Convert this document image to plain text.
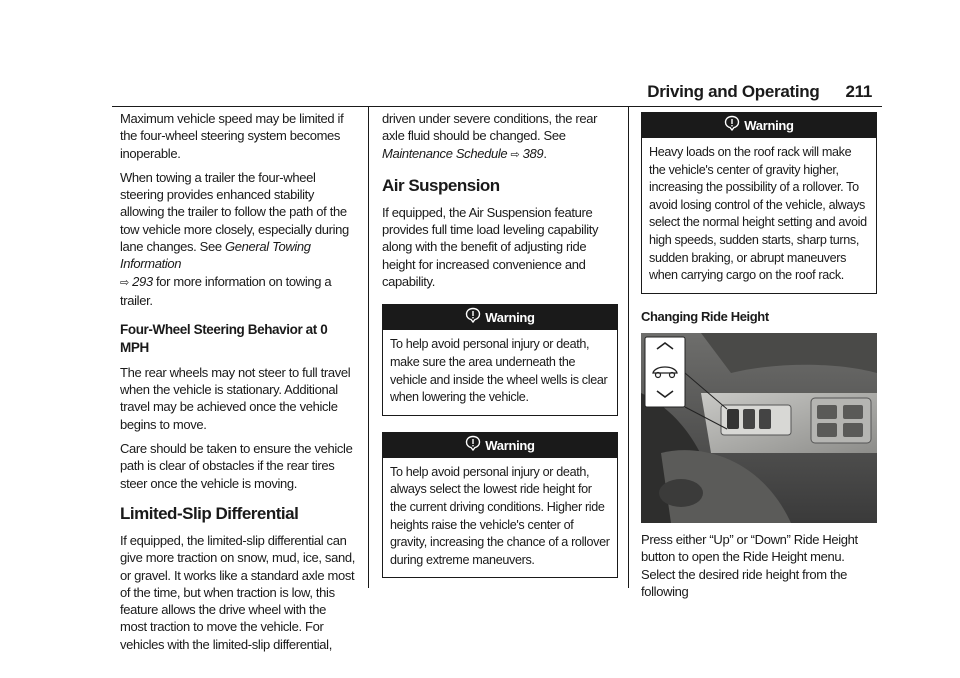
Driving and Operating 211

Maximum vehicle speed may be limited if the four-wheel steering system becomes inoperable.

When towing a trailer the four-wheel steering provides enhanced stability allowing the trailer to follow the path of the tow vehicle more closely, especially during lane changes. See General Towing Information
⇨ 293 for more information on towing a trailer.

Four-Wheel Steering Behavior at 0 MPH

The rear wheels may not steer to full travel when the vehicle is stationary. Additional travel may be achieved once the vehicle begins to move.

Care should be taken to ensure the vehicle path is clear of obstacles if the rear tires steer once the vehicle is moving.

Limited-Slip Differential

If equipped, the limited-slip differential can give more traction on snow, mud, ice, sand, or gravel. It works like a standard axle most of the time, but when traction is low, this feature allows the drive wheel with the most traction to move the vehicle. For vehicles with the limited-slip differential,

driven under severe conditions, the rear axle fluid should be changed. See Maintenance Schedule ⇨ 389.

Air Suspension

If equipped, the Air Suspension feature provides full time load leveling capability along with the benefit of adjusting ride height for increased convenience and capability.

Warning
To help avoid personal injury or death, make sure the area underneath the vehicle and inside the wheel wells is clear when lowering the vehicle.
Warning
To help avoid personal injury or death, always select the lowest ride height for the current driving conditions. Higher ride heights raise the vehicle's center of gravity, increasing the chance of a rollover during extreme maneuvers.
Warning
Heavy loads on the roof rack will make the vehicle's center of gravity higher, increasing the possibility of a rollover. To avoid losing control of the vehicle, always select the normal height setting and avoid high speeds, sudden starts, sharp turns, sudden braking, or abrupt maneuvers when carrying cargo on the roof rack.
Changing Ride Height

Press either “Up” or “Down” Ride Height button to open the Ride Height menu. Select the desired ride height from the following
